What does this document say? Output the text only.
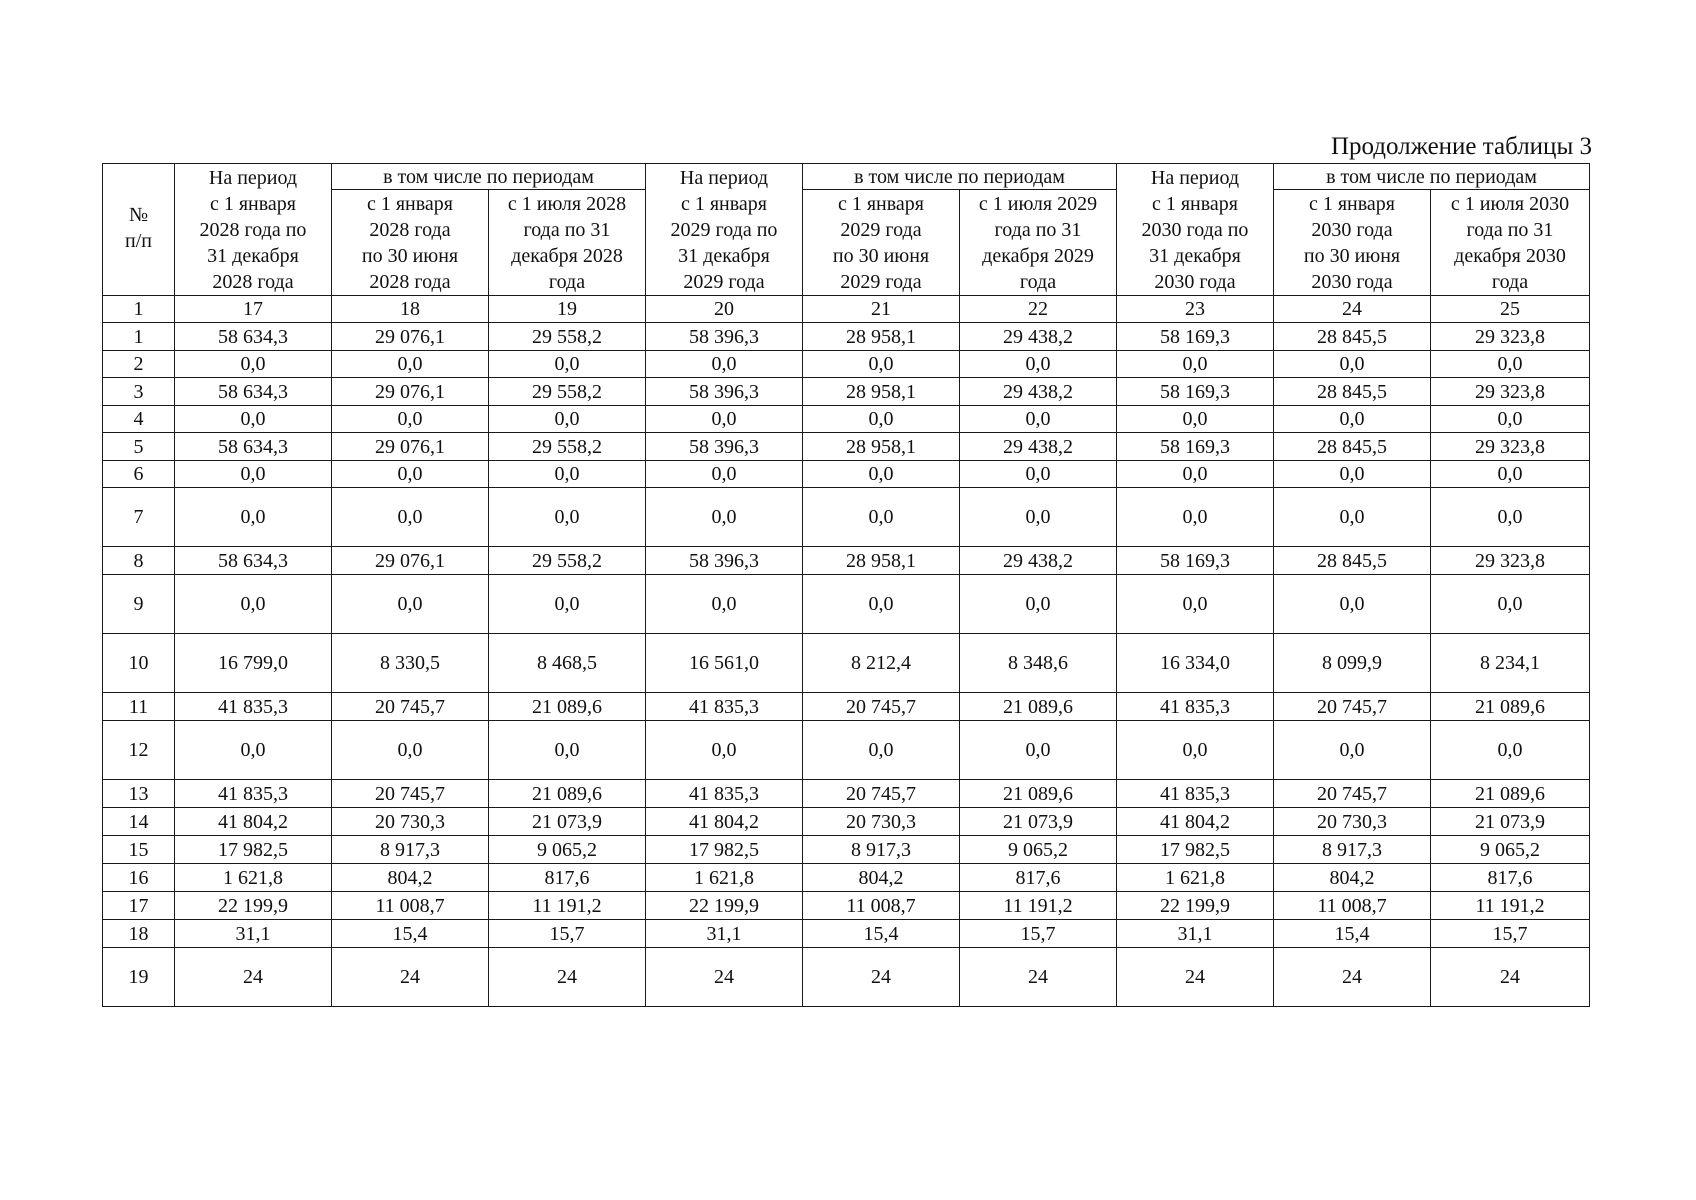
Продолжение таблицы 3
№
п/п	На период
с 1 января
2028 года по
31 декабря
2028 года	в том числе по периодам		На период
с 1 января
2029 года по
31 декабря
2029 года	в том числе по периодам		На период
с 1 января
2030 года по
31 декабря
2030 года	в том числе по периодам	
		с 1 января
2028 года
по 30 июня
2028 года	с 1 июля 2028
года по 31
декабря 2028
года		с 1 января
2029 года
по 30 июня
2029 года	с 1 июля 2029
года по 31
декабря 2029
года		с 1 января
2030 года
по 30 июня
2030 года	с 1 июля 2030
года по 31
декабря 2030
года
1	17	18	19	20	21	22	23	24	25
1	58 634,3	29 076,1	29 558,2	58 396,3	28 958,1	29 438,2	58 169,3	28 845,5	29 323,8
2	0,0	0,0	0,0	0,0	0,0	0,0	0,0	0,0	0,0
3	58 634,3	29 076,1	29 558,2	58 396,3	28 958,1	29 438,2	58 169,3	28 845,5	29 323,8
4	0,0	0,0	0,0	0,0	0,0	0,0	0,0	0,0	0,0
5	58 634,3	29 076,1	29 558,2	58 396,3	28 958,1	29 438,2	58 169,3	28 845,5	29 323,8
6	0,0	0,0	0,0	0,0	0,0	0,0	0,0	0,0	0,0
7	0,0	0,0	0,0	0,0	0,0	0,0	0,0	0,0	0,0
8	58 634,3	29 076,1	29 558,2	58 396,3	28 958,1	29 438,2	58 169,3	28 845,5	29 323,8
9	0,0	0,0	0,0	0,0	0,0	0,0	0,0	0,0	0,0
10	16 799,0	8 330,5	8 468,5	16 561,0	8 212,4	8 348,6	16 334,0	8 099,9	8 234,1
11	41 835,3	20 745,7	21 089,6	41 835,3	20 745,7	21 089,6	41 835,3	20 745,7	21 089,6
12	0,0	0,0	0,0	0,0	0,0	0,0	0,0	0,0	0,0
13	41 835,3	20 745,7	21 089,6	41 835,3	20 745,7	21 089,6	41 835,3	20 745,7	21 089,6
14	41 804,2	20 730,3	21 073,9	41 804,2	20 730,3	21 073,9	41 804,2	20 730,3	21 073,9
15	17 982,5	8 917,3	9 065,2	17 982,5	8 917,3	9 065,2	17 982,5	8 917,3	9 065,2
16	1 621,8	804,2	817,6	1 621,8	804,2	817,6	1 621,8	804,2	817,6
17	22 199,9	11 008,7	11 191,2	22 199,9	11 008,7	11 191,2	22 199,9	11 008,7	11 191,2
18	31,1	15,4	15,7	31,1	15,4	15,7	31,1	15,4	15,7
19	24	24	24	24	24	24	24	24	24
